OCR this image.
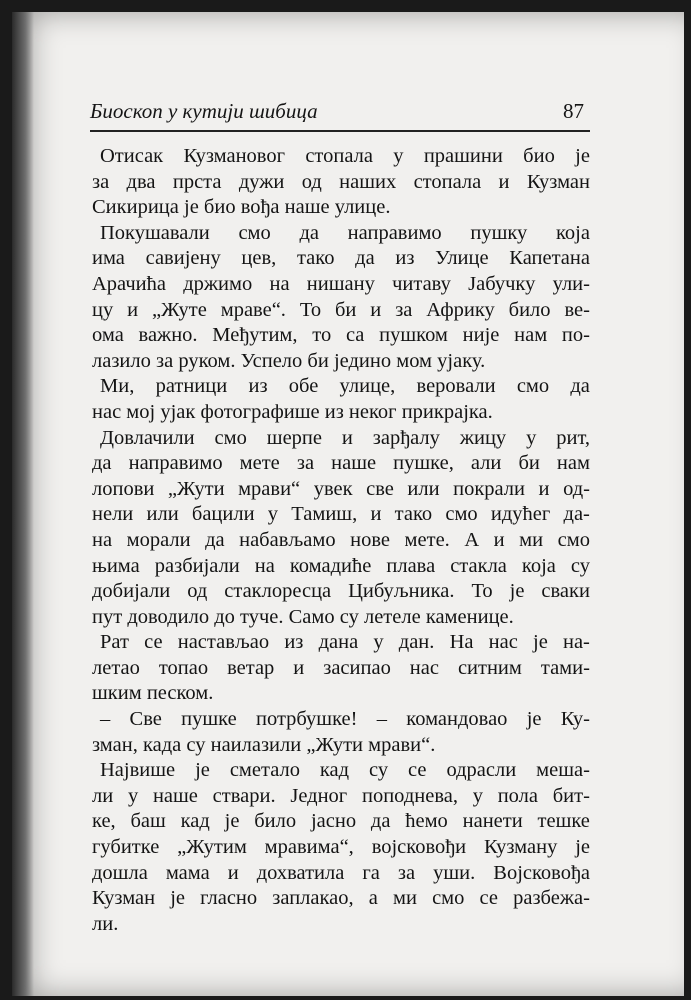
Биоскоп у кутији шибица	87
Отисак Кузмановог стопала у прашини био је
за два прста дужи од наших стопала и Кузман
Сикирица је био вођа наше улице.
Покушавали смо да направимо пушку која
има савијену цев, тако да из Улице Капетана
Арачића држимо на нишану читаву Јабучку ули-
цу и „Жуте мраве“. То би и за Африку било ве-
ома важно. Међутим, то са пушком није нам по-
лазило за руком. Успело би једино мом ујаку.
Ми, ратници из обе улице, веровали смо да
нас мој ујак фотографише из неког прикрајка.
Довлачили смо шерпе и зарђалу жицу у рит,
да направимо мете за наше пушке, али би нам
лопови „Жути мрави“ увек све или покрали и од-
нели или бацили у Тамиш, и тако смо идућег да-
на морали да набављамо нове мете. А и ми смо
њима разбијали на комадиће плава стакла која су
добијали од стаклоресца Цибуљника. То је сваки
пут доводило до туче. Само су летеле каменице.
Рат се настављао из дана у дан. На нас је на-
летао топао ветар и засипао нас ситним тами-
шким песком.
– Све пушке потрбушке! – командовао је Ку-
зман, када су наилазили „Жути мрави“.
Највише је сметало кад су се одрасли меша-
ли у наше ствари. Једног поподнева, у пола бит-
ке, баш кад је било јасно да ћемо нанети тешке
губитке „Жутим мравима“, војсковођи Кузману је
дошла мама и дохватила га за уши. Војсковођа
Кузман је гласно заплакао, а ми смо се разбежа-
ли.
